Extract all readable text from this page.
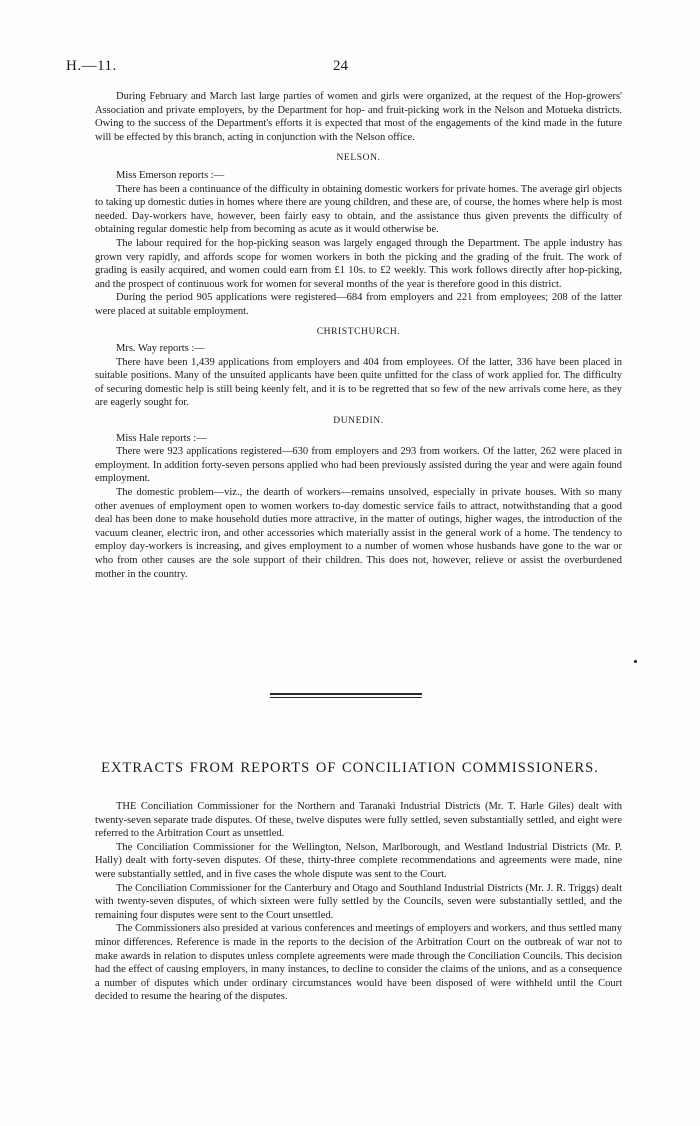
H.—11.	24

During February and March last large parties of women and girls were organized, at the request of the Hop-growers' Association and private employers, by the Department for hop- and fruit-picking work in the Nelson and Motueka districts. Owing to the success of the Department's efforts it is expected that most of the engagements of the kind made in the future will be effected by this branch, acting in conjunction with the Nelson office.

NELSON.

Miss Emerson reports :—

There has been a continuance of the difficulty in obtaining domestic workers for private homes. The average girl objects to taking up domestic duties in homes where there are young children, and these are, of course, the homes where help is most needed. Day-workers have, however, been fairly easy to obtain, and the assistance thus given prevents the difficulty of obtaining regular domestic help from becoming as acute as it would otherwise be.

The labour required for the hop-picking season was largely engaged through the Department. The apple industry has grown very rapidly, and affords scope for women workers in both the picking and the grading of the fruit. The work of grading is easily acquired, and women could earn from £1 10s. to £2 weekly. This work follows directly after hop-picking, and the prospect of continuous work for women for several months of the year is therefore good in this district.

During the period 905 applications were registered—684 from employers and 221 from employees; 208 of the latter were placed at suitable employment.

CHRISTCHURCH.

Mrs. Way reports :—

There have been 1,439 applications from employers and 404 from employees. Of the latter, 336 have been placed in suitable positions. Many of the unsuited applicants have been quite unfitted for the class of work applied for. The difficulty of securing domestic help is still being keenly felt, and it is to be regretted that so few of the new arrivals come here, as they are eagerly sought for.

DUNEDIN.

Miss Hale reports :—

There were 923 applications registered—630 from employers and 293 from workers. Of the latter, 262 were placed in employment. In addition forty-seven persons applied who had been previously assisted during the year and were again found employment.

The domestic problem—viz., the dearth of workers—remains unsolved, especially in private houses. With so many other avenues of employment open to women workers to-day domestic service fails to attract, notwithstanding that a good deal has been done to make household duties more attractive, in the matter of outings, higher wages, the introduction of the vacuum cleaner, electric iron, and other accessories which materially assist in the general work of a home. The tendency to employ day-workers is increasing, and gives employment to a number of women whose husbands have gone to the war or who from other causes are the sole support of their children. This does not, however, relieve or assist the overburdened mother in the country.

EXTRACTS FROM REPORTS OF CONCILIATION COMMISSIONERS.

THE Conciliation Commissioner for the Northern and Taranaki Industrial Districts (Mr. T. Harle Giles) dealt with twenty-seven separate trade disputes. Of these, twelve disputes were fully settled, seven substantially settled, and eight were referred to the Arbitration Court as unsettled.

The Conciliation Commissioner for the Wellington, Nelson, Marlborough, and Westland Industrial Districts (Mr. P. Hally) dealt with forty-seven disputes. Of these, thirty-three complete recommendations and agreements were made, nine were substantially settled, and in five cases the whole dispute was sent to the Court.

The Conciliation Commissioner for the Canterbury and Otago and Southland Industrial Districts (Mr. J. R. Triggs) dealt with twenty-seven disputes, of which sixteen were fully settled by the Councils, seven were substantially settled, and the remaining four disputes were sent to the Court unsettled.

The Commissioners also presided at various conferences and meetings of employers and workers, and thus settled many minor differences. Reference is made in the reports to the decision of the Arbitration Court on the outbreak of war not to make awards in relation to disputes unless complete agreements were made through the Conciliation Councils. This decision had the effect of causing employers, in many instances, to decline to consider the claims of the unions, and as a consequence a number of disputes which under ordinary circumstances would have been disposed of were withheld until the Court decided to resume the hearing of the disputes.
